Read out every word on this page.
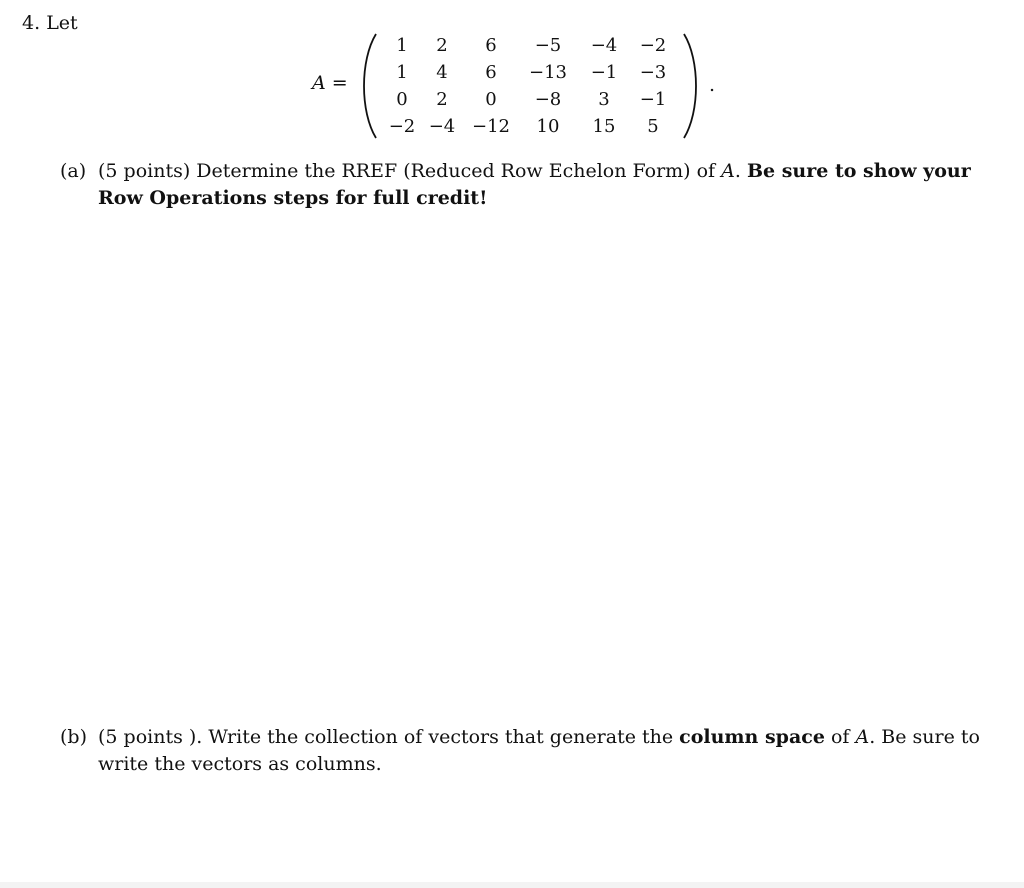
4. Let
A =
1	2	6	−5	−4	−2
1	4	6	−13	−1	−3
0	2	0	−8	3	−1
−2 −4 −12	10	15	5
.
(a) (5 points) Determine the RREF (Reduced Row Echelon Form) of A. Be sure to show your Row Operations steps for full credit!
(b) (5 points ). Write the collection of vectors that generate the column space of A. Be sure to write the vectors as columns.
